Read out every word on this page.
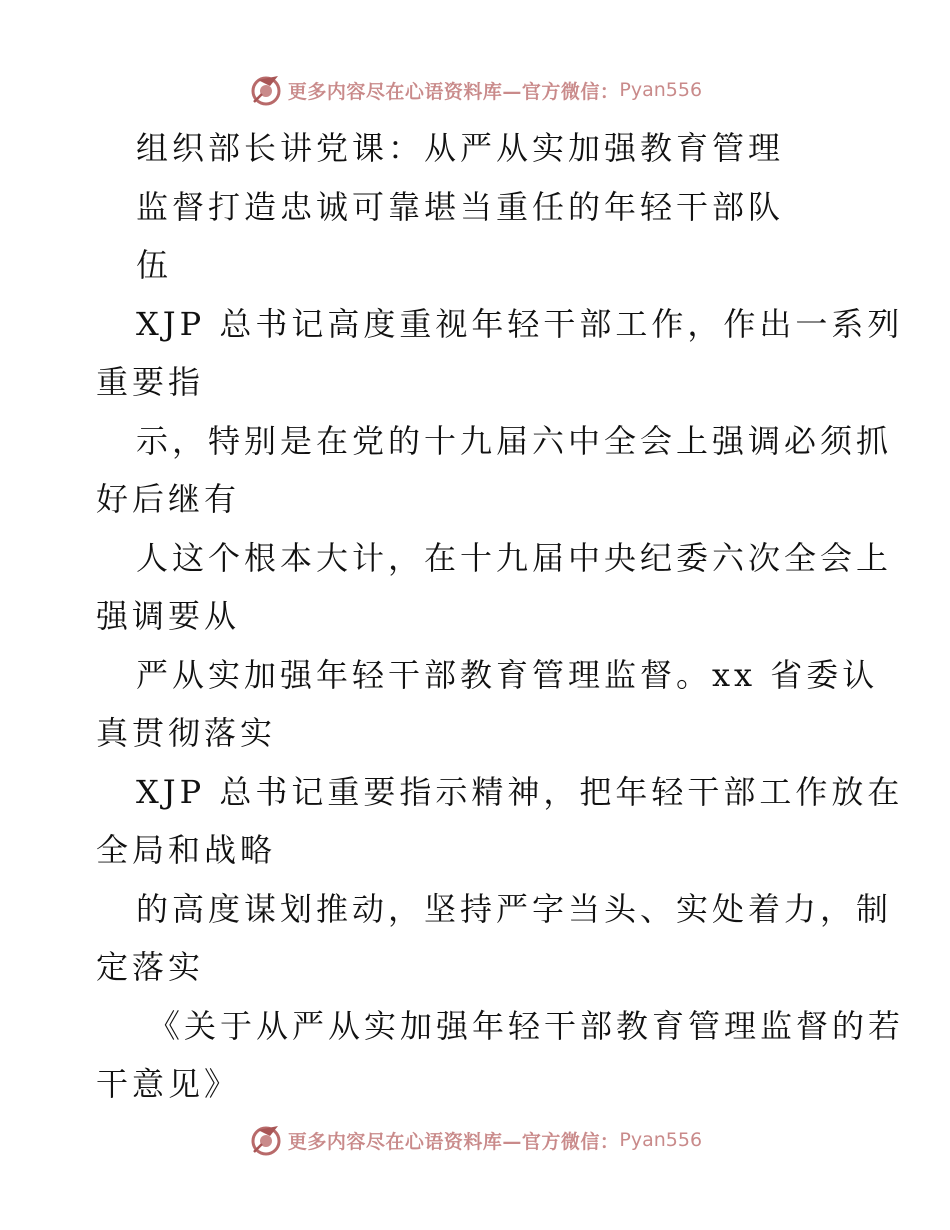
更多内容尽在心语资料库—官方微信： Pyan556
组织部长讲党课：从严从实加强教育管理
监督打造忠诚可靠堪当重任的年轻干部队
伍
XJP 总书记高度重视年轻干部工作，作出一系列
重要指
示，特别是在党的十九届六中全会上强调必须抓
好后继有
人这个根本大计，在十九届中央纪委六次全会上
强调要从
严从实加强年轻干部教育管理监督。xx 省委认
真贯彻落实
XJP 总书记重要指示精神，把年轻干部工作放在
全局和战略
的高度谋划推动，坚持严字当头、实处着力，制
定落实
《关于从严从实加强年轻干部教育管理监督的若
干意见》
更多内容尽在心语资料库—官方微信： Pyan556
